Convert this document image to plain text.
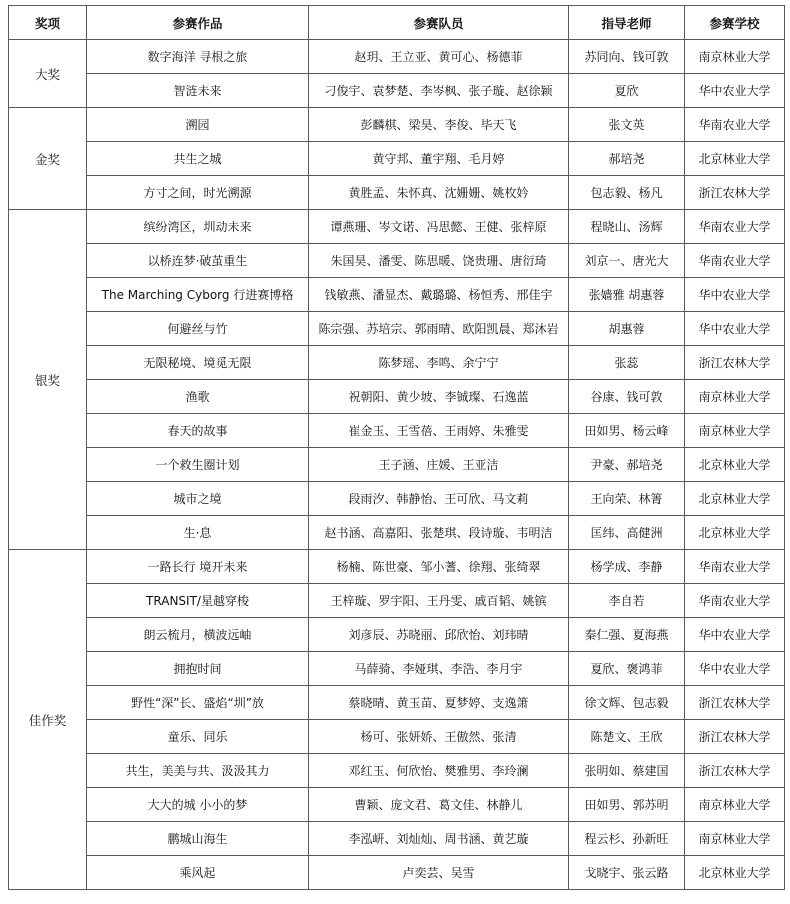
奖项	参赛作品	参赛队员	指导老师	参赛学校
大奖	数字海洋 寻根之旅	赵玥、王立亚、黄可心、杨德菲	苏同向、钱可敦	南京林业大学
	智涟未来	刁俊宇、袁梦楚、李岑枫、张子璇、赵徐颖	夏欣	华中农业大学
金奖	溯园	彭麟棋、梁昊、李俊、毕天飞	张文英	华南农业大学
	共生之城	黄守邦、董宇翔、毛月婷	郝培尧	北京林业大学
	方寸之间，时光溯源	黄胜孟、朱怀真、沈姗姗、姚枚妗	包志毅、杨凡	浙江农林大学
银奖	缤纷湾区，圳动未来	谭燕珊、岑文诺、冯思懿、王健、张梓原	程晓山、汤辉	华南农业大学
	以桥连梦·破茧重生	朱国昊、潘雯、陈思暖、饶贵珊、唐衍琦	刘京一、唐光大	华南农业大学
	The Marching Cyborg 行进赛博格	钱敏燕、潘显杰、戴璐璐、杨恒秀、邢佳宇	张嫱雅 胡惠蓉	华中农业大学
	何避丝与竹	陈宗强、苏培宗、郭雨晴、欧阳凯晨、郑沐岩	胡惠蓉	华中农业大学
	无限秘境、境觅无限	陈梦瑶、李鸣、余宁宁	张蕊	浙江农林大学
	渔歌	祝朝阳、黄少坡、李铖璨、石逸蓝	谷康、钱可敦	南京林业大学
	春天的故事	崔金玉、王雪蓓、王雨婷、朱雅雯	田如男、杨云峰	南京林业大学
	一个救生圈计划	王子涵、庄媛、王亚洁	尹豪、郝培尧	北京林业大学
	城市之境	段雨汐、韩静怡、王可欣、马文莉	王向荣、林箐	北京林业大学
	生·息	赵书涵、高嘉阳、张楚琪、段诗璇、韦明洁	匡纬、高健洲	北京林业大学
佳作奖	一路长行 境开未来	杨楠、陈世豪、邹小蓍、徐翔、张绮翠	杨学成、李静	华南农业大学
	TRANSIT/星越穿梭	王梓璇、罗宇阳、王丹雯、戚百韬、姚镔	李自若	华南农业大学
	朗云梳月，横波远岫	刘彦辰、苏晓丽、邱欣怡、刘玮晴	秦仁强、夏海燕	华中农业大学
	拥抱时间	马薛骑、李娅琪、李浩、李月宇	夏欣、褒鸿菲	华中农业大学
	野性“深”长、盛焰“圳”放	蔡晓晴、黄玉苗、夏梦婷、支逸箫	徐文辉、包志毅	浙江农林大学
	童乐、同乐	杨可、张妍娇、王傲然、张清	陈楚文、王欣	浙江农林大学
	共生，美美与共、汲汲其力	邓红玉、何欣怡、樊雅男、李玲澜	张明如、蔡建国	浙江农林大学
	大大的城 小小的梦	曹颖、庞文君、葛文佳、林静儿	田如男、郭苏明	南京林业大学
	鹏城山海生	李泓岍、刘灿灿、周书涵、黄艺璇	程云杉、孙新旺	南京林业大学
	乘风起	卢奕芸、吴雪	戈晓宇、张云路	北京林业大学
